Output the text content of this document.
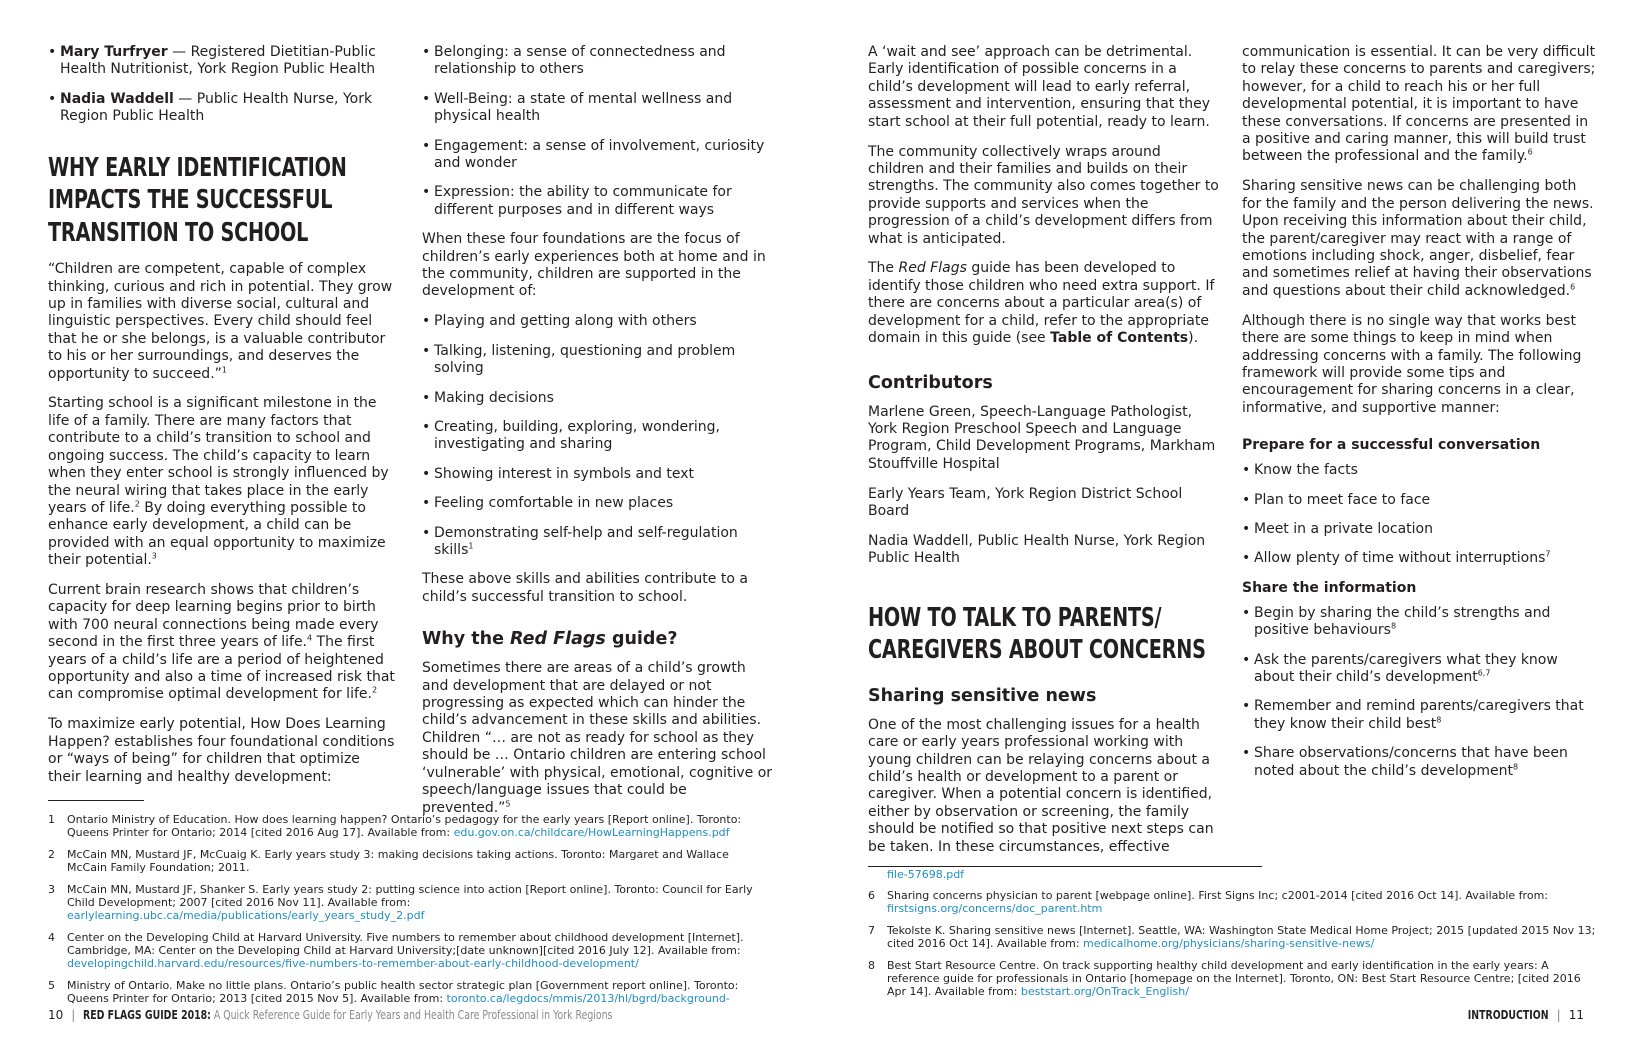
• Mary Turfryer — Registered Dietitian-Public Health Nutritionist, York Region Public Health
• Nadia Waddell — Public Health Nurse, York Region Public Health
WHY EARLY IDENTIFICATION IMPACTS THE SUCCESSFUL TRANSITION TO SCHOOL

“Children are competent, capable of complex thinking, curious and rich in potential. They grow up in families with diverse social, cultural and linguistic perspectives. Every child should feel that he or she belongs, is a valuable contributor to his or her surroundings, and deserves the opportunity to succeed.”$^1$

Starting school is a significant milestone in the life of a family. There are many factors that contribute to a child’s transition to school and ongoing success. The child’s capacity to learn when they enter school is strongly influenced by the neural wiring that takes place in the early years of life.$^2$ By doing everything possible to enhance early development, a child can be provided with an equal opportunity to maximize their potential.$^3$

Current brain research shows that children’s capacity for deep learning begins prior to birth with 700 neural connections being made every second in the first three years of life.$^4$ The first years of a child’s life are a period of heightened opportunity and also a time of increased risk that can compromise optimal development for life.$^2$

To maximize early potential, How Does Learning Happen? establishes four foundational conditions or “ways of being” for children that optimize their learning and healthy development:

• Belonging: a sense of connectedness and relationship to others
• Well-Being: a state of mental wellness and physical health
• Engagement: a sense of involvement, curiosity and wonder
• Expression: the ability to communicate for different purposes and in different ways

When these four foundations are the focus of children’s early experiences both at home and in the community, children are supported in the development of:

• Playing and getting along with others
• Talking, listening, questioning and problem solving
• Making decisions
• Creating, building, exploring, wondering, investigating and sharing
• Showing interest in symbols and text
• Feeling comfortable in new places
• Demonstrating self-help and self-regulation skills$^1$

These above skills and abilities contribute to a child’s successful transition to school.

Why the Red Flags guide?

Sometimes there are areas of a child’s growth and development that are delayed or not progressing as expected which can hinder the child’s advancement in these skills and abilities. Children “… are not as ready for school as they should be … Ontario children are entering school ‘vulnerable’ with physical, emotional, cognitive or speech/language issues that could be prevented.”$^5$

A ‘wait and see’ approach can be detrimental. Early identification of possible concerns in a child’s development will lead to early referral, assessment and intervention, ensuring that they start school at their full potential, ready to learn.

The community collectively wraps around children and their families and builds on their strengths. The community also comes together to provide supports and services when the progression of a child’s development differs from what is anticipated.

The Red Flags guide has been developed to identify those children who need extra support. If there are concerns about a particular area(s) of development for a child, refer to the appropriate domain in this guide (see Table of Contents).

Contributors

Marlene Green, Speech-Language Pathologist, York Region Preschool Speech and Language Program, Child Development Programs, Markham Stouffville Hospital

Early Years Team, York Region District School Board

Nadia Waddell, Public Health Nurse, York Region Public Health

HOW TO TALK TO PARENTS/ CAREGIVERS ABOUT CONCERNS
Sharing sensitive news

One of the most challenging issues for a health care or early years professional working with young children can be relaying concerns about a child’s health or development to a parent or caregiver. When a potential concern is identified, either by observation or screening, the family should be notified so that positive next steps can be taken. In these circumstances, effective

communication is essential. It can be very difficult to relay these concerns to parents and caregivers; however, for a child to reach his or her full developmental potential, it is important to have these conversations. If concerns are presented in a positive and caring manner, this will build trust between the professional and the family.$^6$

Sharing sensitive news can be challenging both for the family and the person delivering the news. Upon receiving this information about their child, the parent/caregiver may react with a range of emotions including shock, anger, disbelief, fear and sometimes relief at having their observations and questions about their child acknowledged.$^6$

Although there is no single way that works best there are some things to keep in mind when addressing concerns with a family. The following framework will provide some tips and encouragement for sharing concerns in a clear, informative, and supportive manner:

Prepare for a successful conversation
• Know the facts
• Plan to meet face to face
• Meet in a private location
• Allow plenty of time without interruptions$^7$
Share the information
• Begin by sharing the child’s strengths and positive behaviours$^8$
• Ask the parents/caregivers what they know about their child’s development$^{6,7}$
• Remember and remind parents/caregivers that they know their child best$^8$
• Share observations/concerns that have been noted about the child’s development$^8$
1 Ontario Ministry of Education. How does learning happen? Ontario’s pedagogy for the early years [Report online]. Toronto: Queens Printer for Ontario; 2014 [cited 2016 Aug 17]. Available from: edu.gov.on.ca/childcare/HowLearningHappens.pdf
2 McCain MN, Mustard JF, McCuaig K. Early years study 3: making decisions taking actions. Toronto: Margaret and Wallace McCain Family Foundation; 2011.
3 McCain MN, Mustard JF, Shanker S. Early years study 2: putting science into action [Report online]. Toronto: Council for Early Child Development; 2007 [cited 2016 Nov 11]. Available from: earlylearning.ubc.ca/media/publications/early_years_study_2.pdf
4 Center on the Developing Child at Harvard University. Five numbers to remember about childhood development [Internet]. Cambridge, MA: Center on the Developing Child at Harvard University;[date unknown][cited 2016 July 12]. Available from: developingchild.harvard.edu/resources/five-numbers-to-remember-about-early-childhood-development/
5 Ministry of Ontario. Make no little plans. Ontario’s public health sector strategic plan [Government report online]. Toronto: Queens Printer for Ontario; 2013 [cited 2015 Nov 5]. Available from: toronto.ca/legdocs/mmis/2013/hl/bgrd/background-
file-57698.pdf
6 Sharing concerns physician to parent [webpage online]. First Signs Inc; c2001-2014 [cited 2016 Oct 14]. Available from: firstsigns.org/concerns/doc_parent.htm
7 Tekolste K. Sharing sensitive news [Internet]. Seattle, WA: Washington State Medical Home Project; 2015 [updated 2015 Nov 13; cited 2016 Oct 14]. Available from: medicalhome.org/physicians/sharing-sensitive-news/
8 Best Start Resource Centre. On track supporting healthy child development and early identification in the early years: A reference guide for professionals in Ontario [homepage on the Internet]. Toronto, ON: Best Start Resource Centre; [cited 2016 Apr 14]. Available from: beststart.org/OnTrack_English/
10 | RED FLAGS GUIDE 2018: A Quick Reference Guide for Early Years and Health Care Professional in York Regions	INTRODUCTION | 11
